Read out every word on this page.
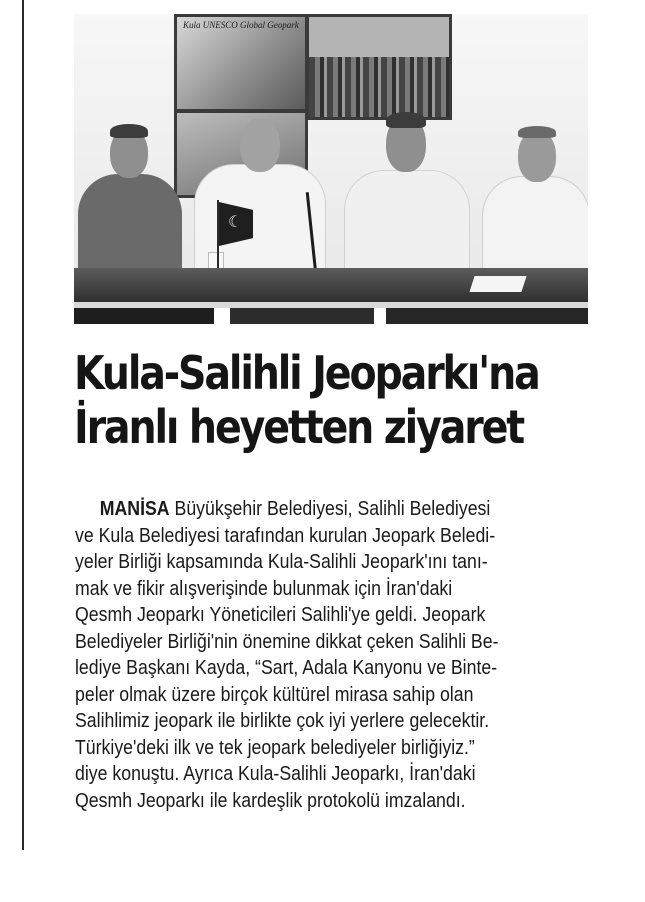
Kula UNESCO Global Geopark
☾
Kula-Salihli Jeoparkı'na
İranlı heyetten ziyaret
MANİSA Büyükşehir Belediyesi, Salihli Belediyesi
ve Kula Belediyesi tarafından kurulan Jeopark Beledi-
yeler Birliği kapsamında Kula-Salihli Jeopark'ını tanı-
mak ve fikir alışverişinde bulunmak için İran'daki
Qesmh Jeoparkı Yöneticileri Salihli'ye geldi. Jeopark
Belediyeler Birliği'nin önemine dikkat çeken Salihli Be-
lediye Başkanı Kayda, “Sart, Adala Kanyonu ve Binte-
peler olmak üzere birçok kültürel mirasa sahip olan
Salihlimiz jeopark ile birlikte çok iyi yerlere gelecektir.
Türkiye'deki ilk ve tek jeopark belediyeler birliğiyiz.”
diye konuştu. Ayrıca Kula-Salihli Jeoparkı, İran'daki
Qesmh Jeoparkı ile kardeşlik protokolü imzalandı.
